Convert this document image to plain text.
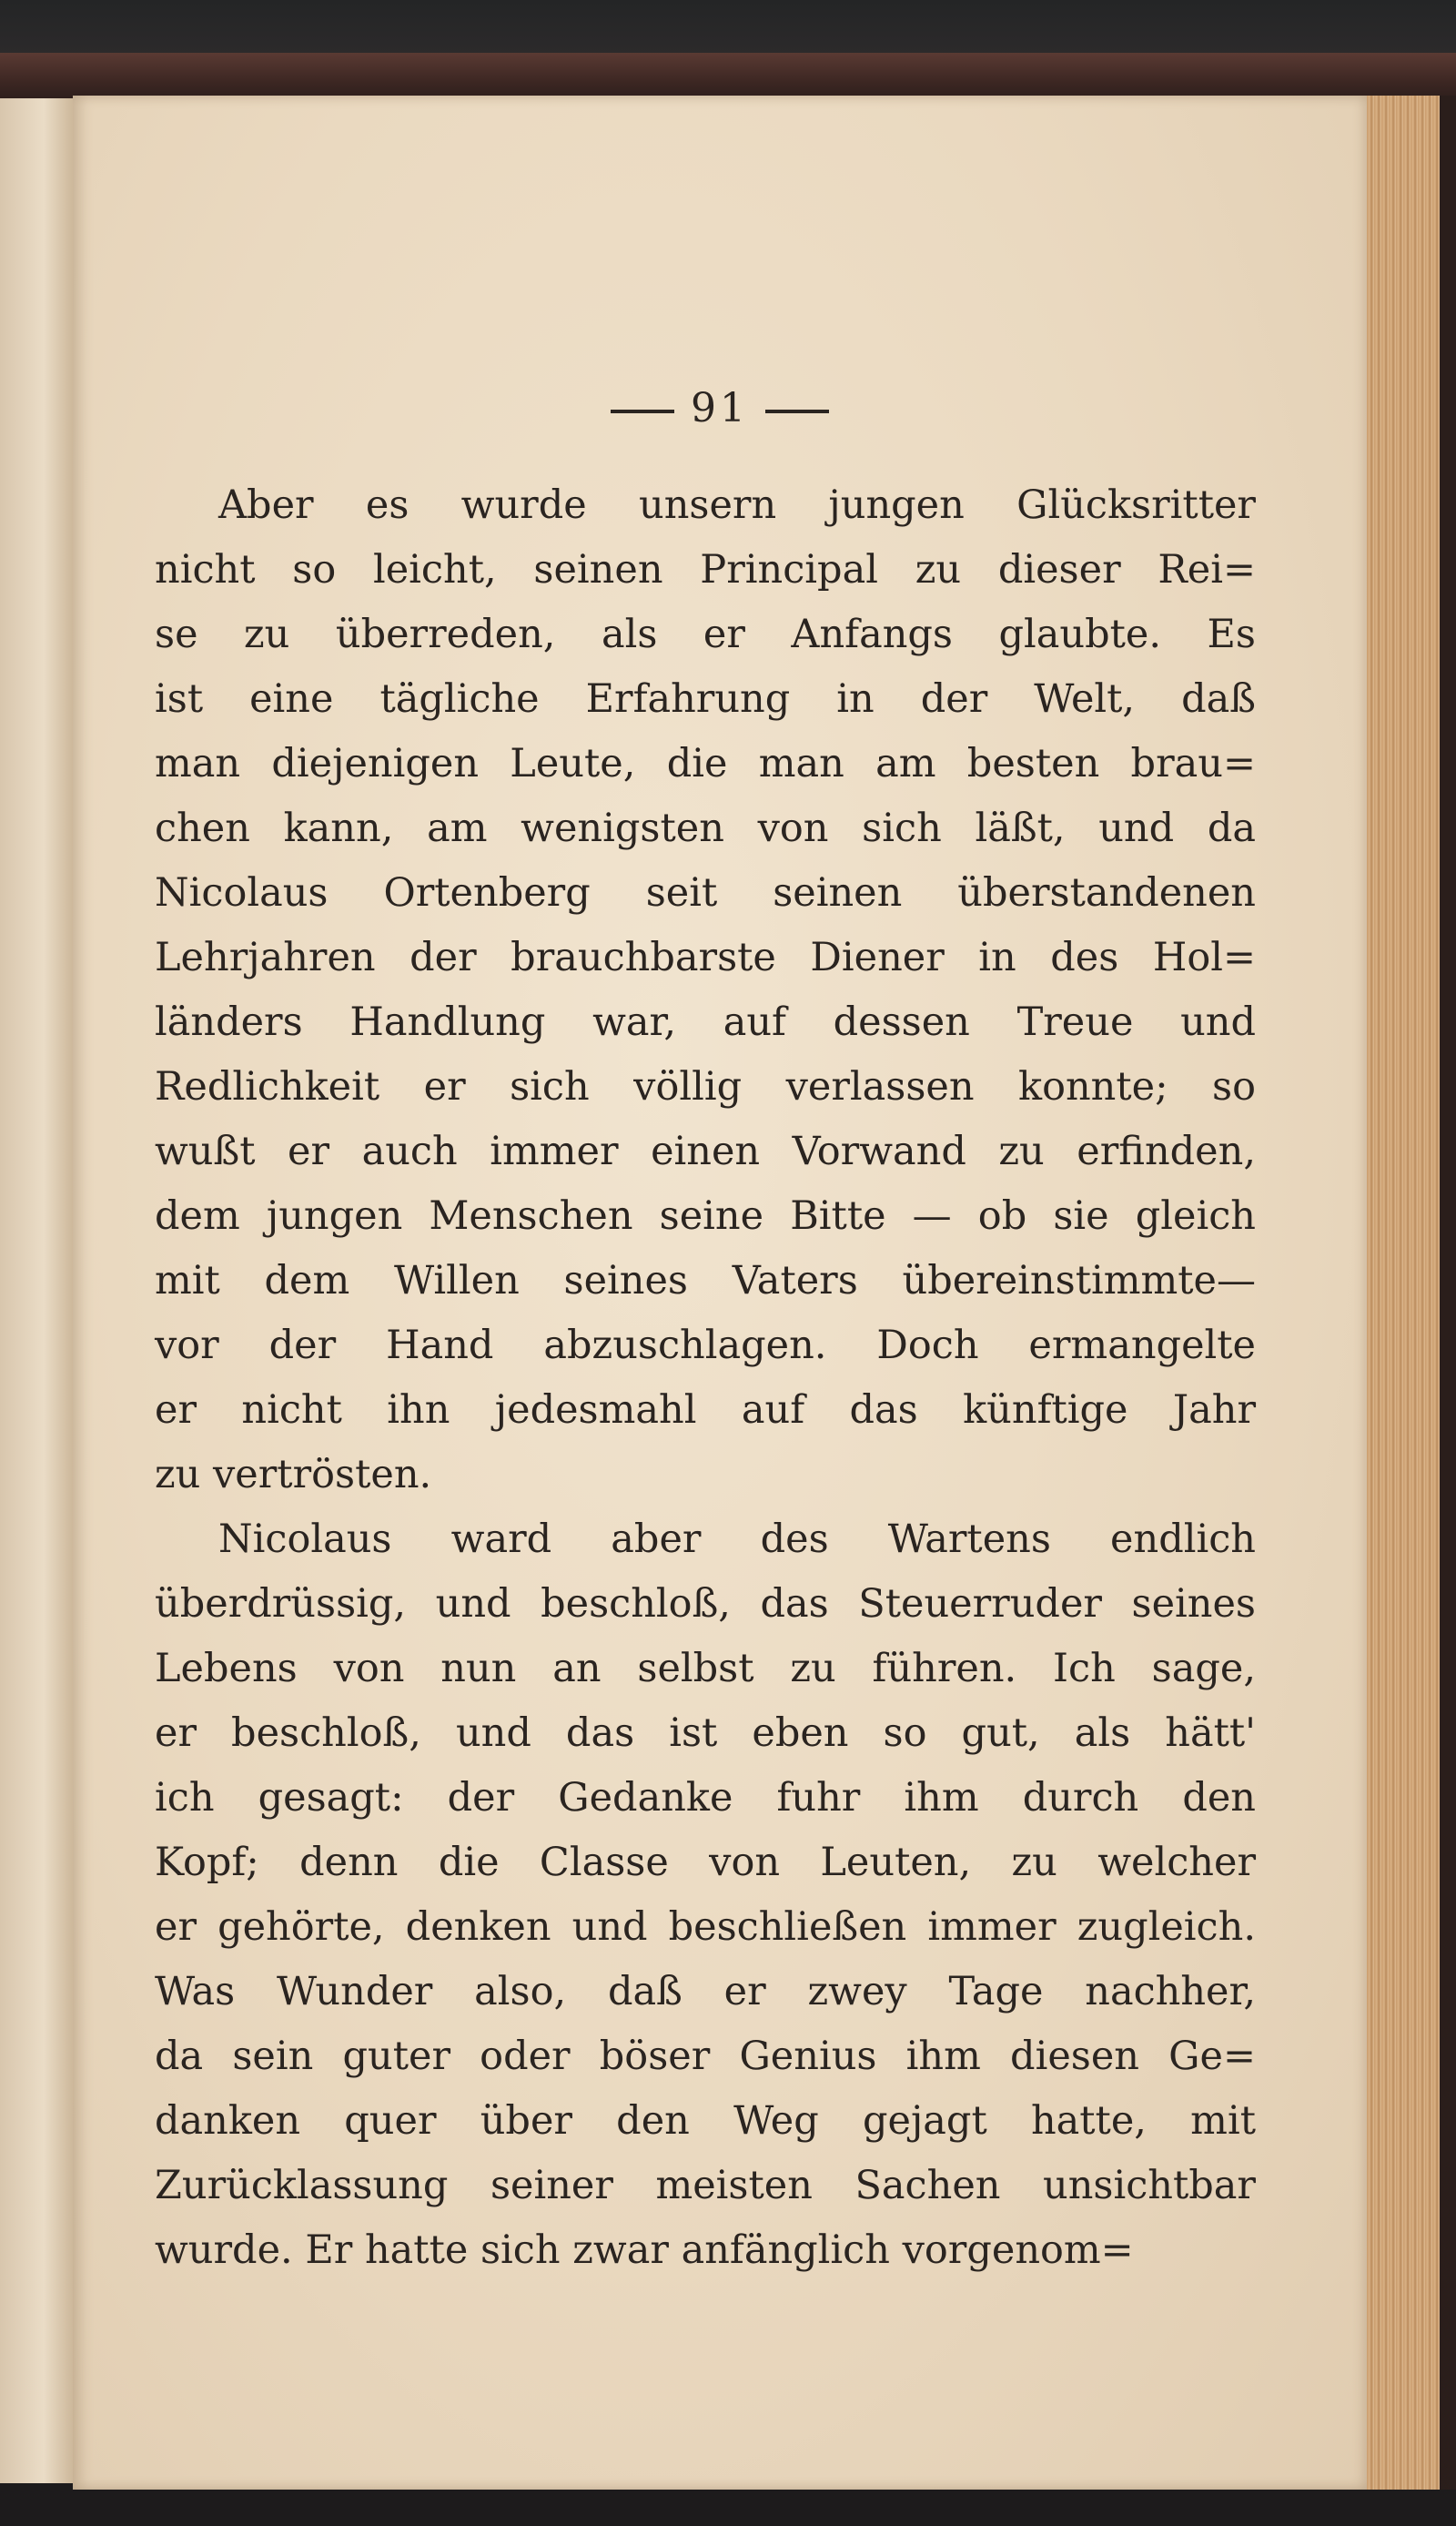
91
Aber es wurde unsern jungen Glücksritter
nicht so leicht, seinen Principal zu dieser Rei=
se zu überreden, als er Anfangs glaubte. Es
ist eine tägliche Erfahrung in der Welt, daß
man diejenigen Leute, die man am besten brau=
chen kann, am wenigsten von sich läßt, und da
Nicolaus Ortenberg seit seinen überstandenen
Lehrjahren der brauchbarste Diener in des Hol=
länders Handlung war, auf dessen Treue und
Redlichkeit er sich völlig verlassen konnte; so
wußt er auch immer einen Vorwand zu erfinden,
dem jungen Menschen seine Bitte — ob sie gleich
mit dem Willen seines Vaters übereinstimmte—
vor der Hand abzuschlagen. Doch ermangelte
er nicht ihn jedesmahl auf das künftige Jahr
zu vertrösten.
Nicolaus ward aber des Wartens endlich
überdrüssig, und beschloß, das Steuerruder seines
Lebens von nun an selbst zu führen. Ich sage,
er beschloß, und das ist eben so gut, als hätt'
ich gesagt: der Gedanke fuhr ihm durch den
Kopf; denn die Classe von Leuten, zu welcher
er gehörte, denken und beschließen immer zugleich.
Was Wunder also, daß er zwey Tage nachher,
da sein guter oder böser Genius ihm diesen Ge=
danken quer über den Weg gejagt hatte, mit
Zurücklassung seiner meisten Sachen unsichtbar
wurde. Er hatte sich zwar anfänglich vorgenom=
